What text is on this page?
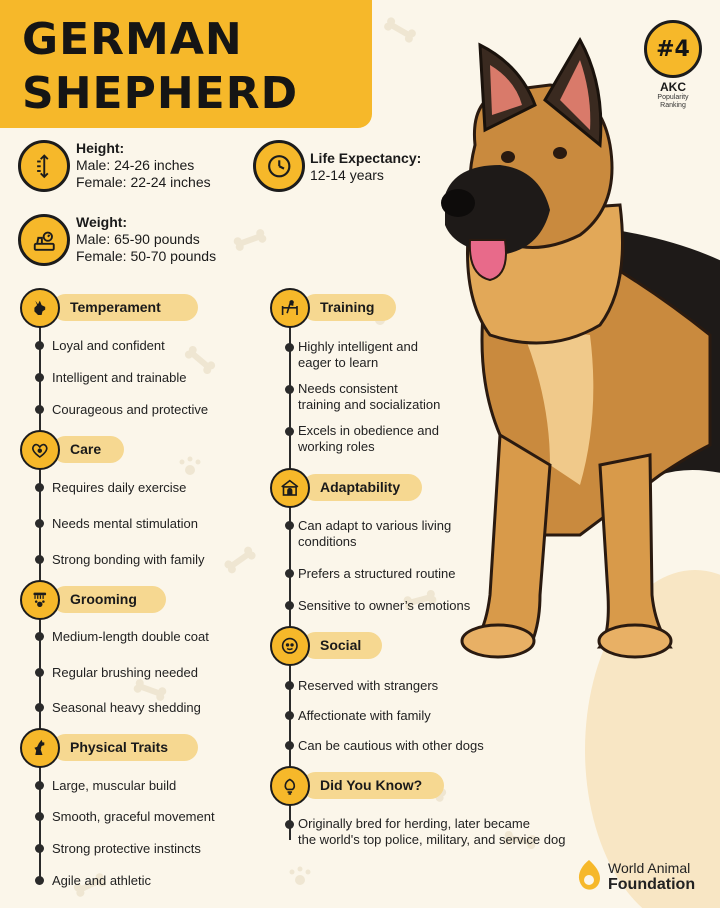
GERMAN
SHEPHERD
#4
AKC
Popularity
Ranking
Height:
Male: 24-26 inches
Female: 22-24 inches
Life Expectancy:
12-14 years
Weight:
Male: 65-90 pounds
Female: 50-70 pounds
Temperament
Loyal and confident
Intelligent and trainable
Courageous and protective
Care
Requires daily exercise
Needs mental stimulation
Strong bonding with family
Grooming
Medium-length double coat
Regular brushing needed
Seasonal heavy shedding
Physical Traits
Large, muscular build
Smooth, graceful movement
Strong protective instincts
Agile and athletic
Training
Highly intelligent and
eager to learn
Needs consistent
training and socialization
Excels in obedience and
working roles
Adaptability
Can adapt to various living
conditions
Prefers a structured routine
Sensitive to owner’s emotions
Social
Reserved with strangers
Affectionate with family
Can be cautious with other dogs
Did You Know?
Originally bred for herding, later became
the world's top police, military, and service dog
World Animal
Foundation
